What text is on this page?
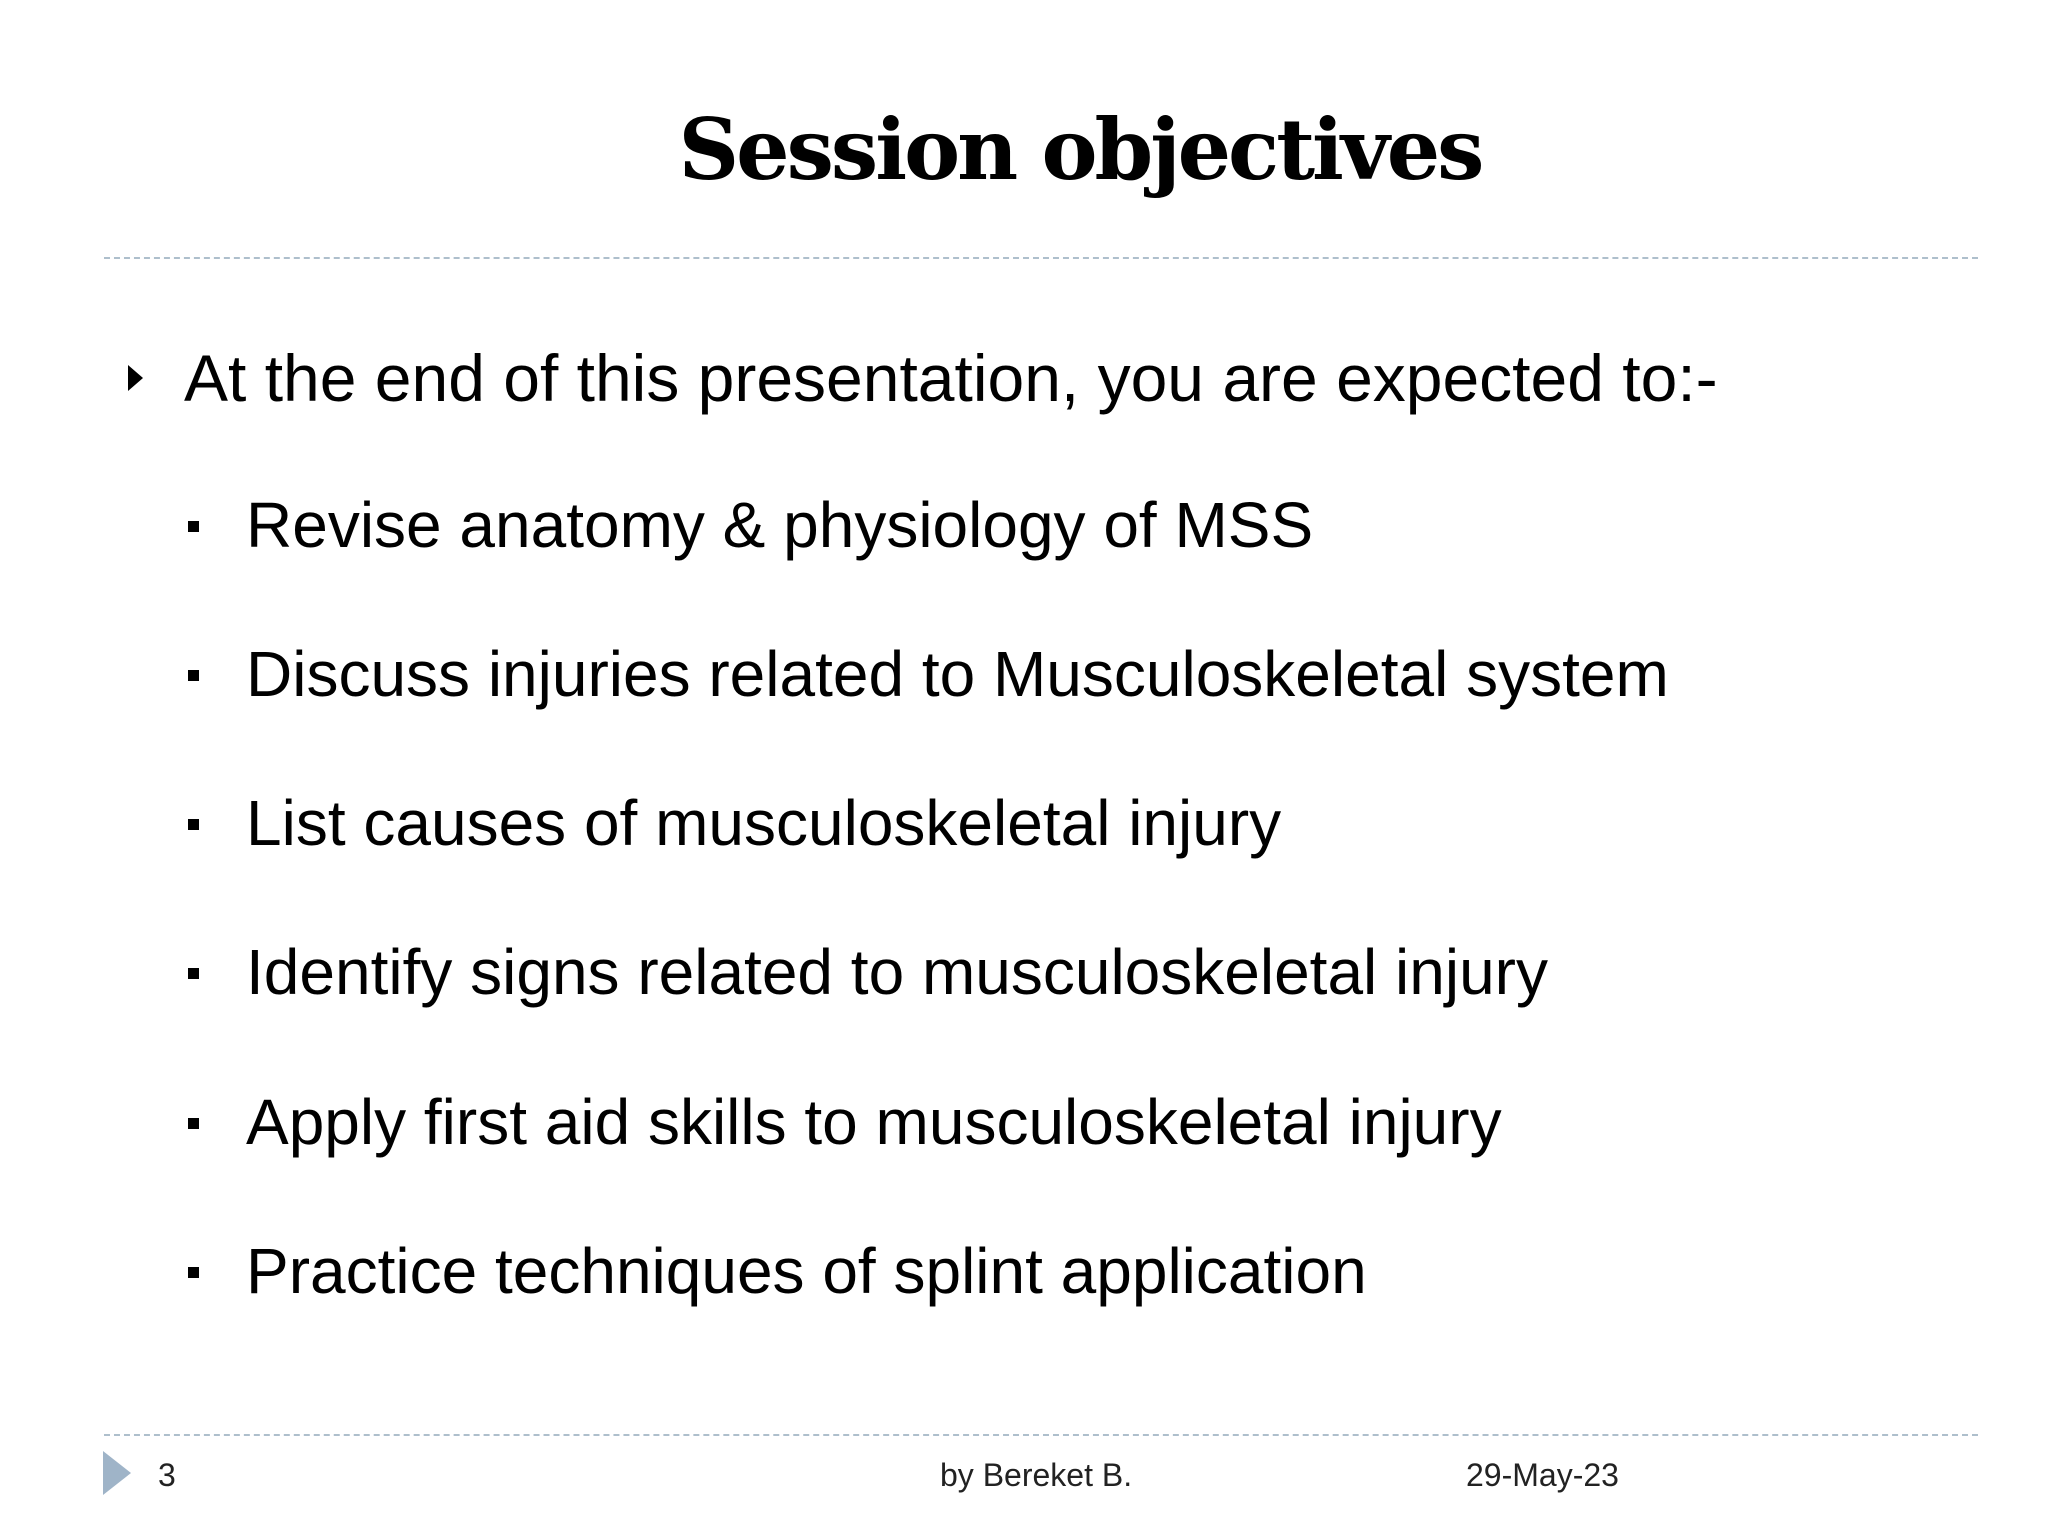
Session objectives
At the end of this presentation, you are expected to:-
Revise anatomy & physiology of MSS
Discuss injuries related to Musculoskeletal system
List causes of musculoskeletal injury
Identify signs related to musculoskeletal injury
Apply first aid skills to musculoskeletal injury
Practice techniques of splint application
3	by Bereket B.	29-May-23
